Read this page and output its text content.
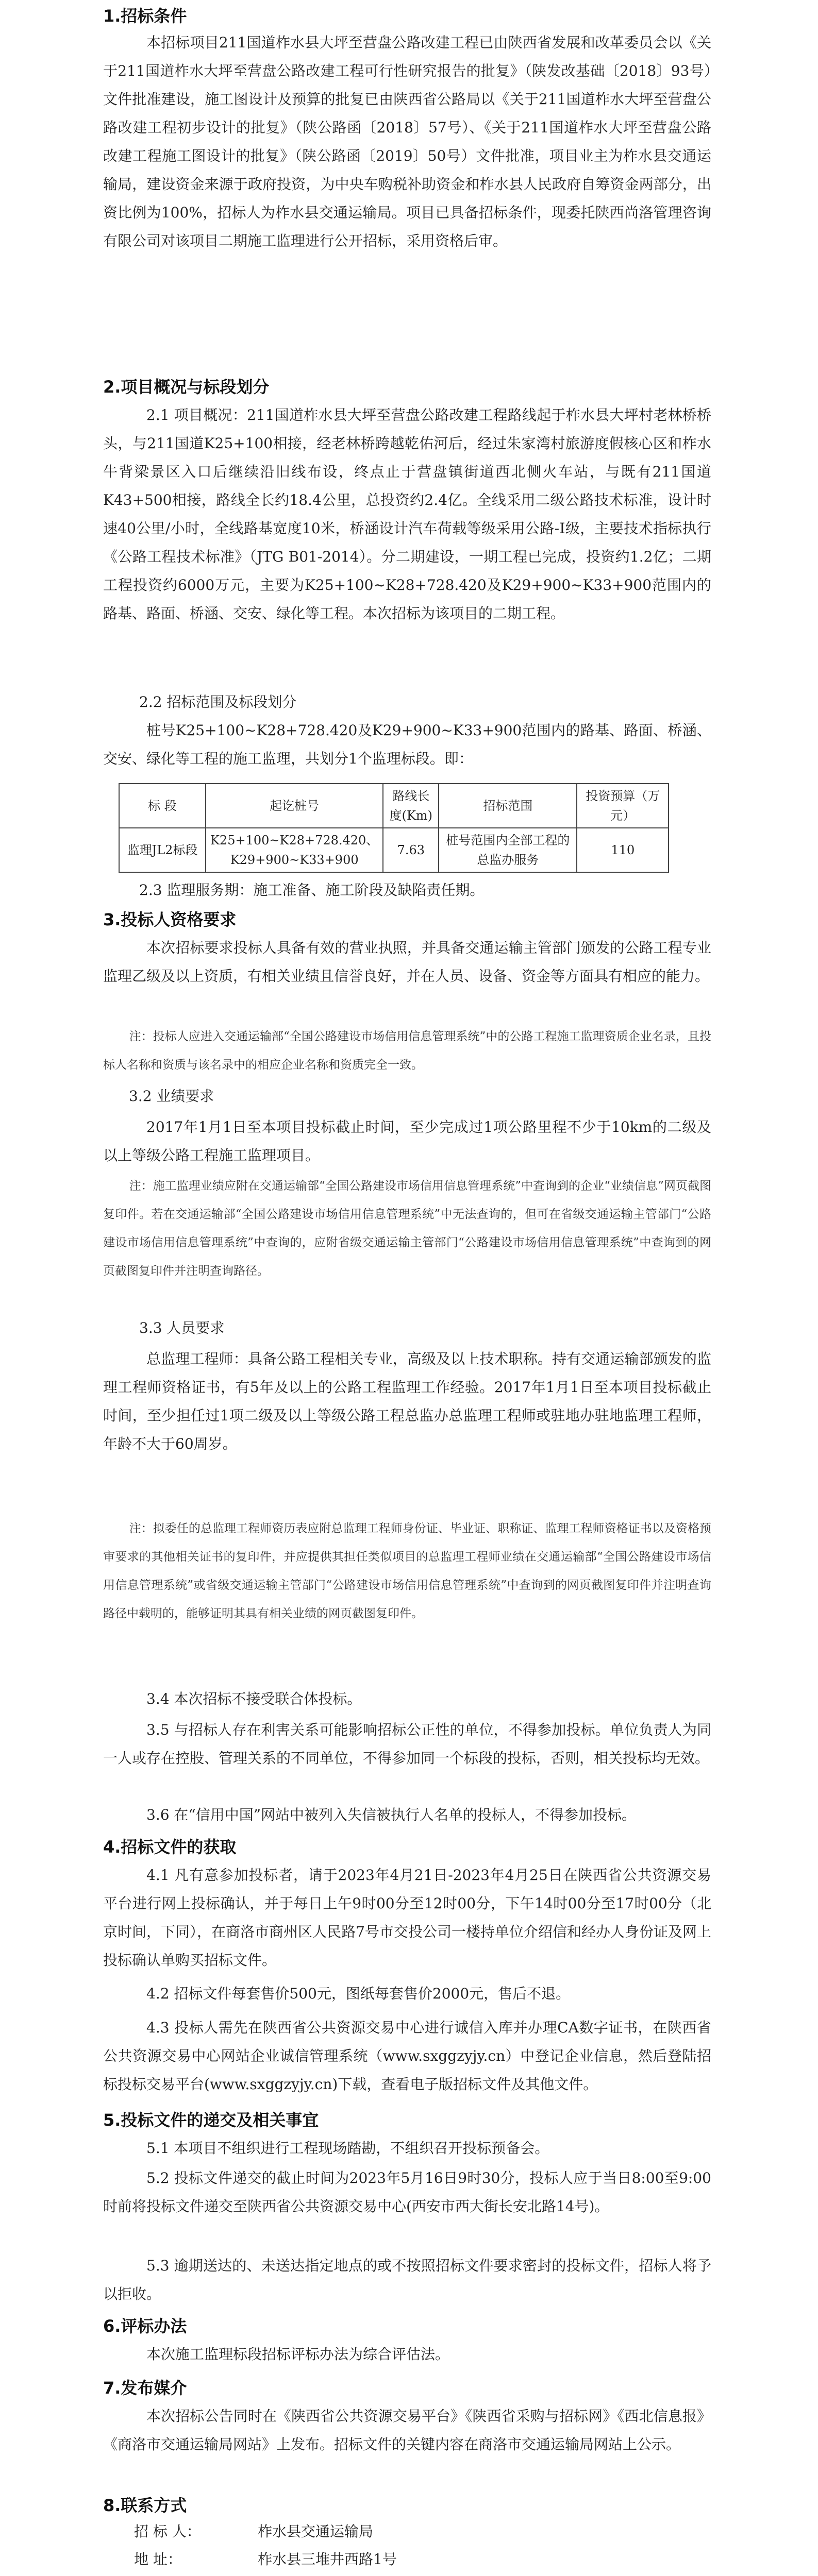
1.招标条件
本招标项目211国道柞水县大坪至营盘公路改建工程已由陕西省发展和改革委员会以《关于211国道柞水大坪至营盘公路改建工程可行性研究报告的批复》（陕发改基础〔2018〕93号）文件批准建设，施工图设计及预算的批复已由陕西省公路局以《关于211国道柞水大坪至营盘公路改建工程初步设计的批复》（陕公路函〔2018〕57号）、《关于211国道柞水大坪至营盘公路改建工程施工图设计的批复》（陕公路函〔2019〕50号）文件批准，项目业主为柞水县交通运输局，建设资金来源于政府投资，为中央车购税补助资金和柞水县人民政府自筹资金两部分，出资比例为100%，招标人为柞水县交通运输局。项目已具备招标条件，现委托陕西尚洛管理咨询有限公司对该项目二期施工监理进行公开招标，采用资格后审。
2.项目概况与标段划分
2.1 项目概况：211国道柞水县大坪至营盘公路改建工程路线起于柞水县大坪村老林桥桥头，与211国道K25+100相接，经老林桥跨越乾佑河后，经过朱家湾村旅游度假核心区和柞水牛背梁景区入口后继续沿旧线布设，终点止于营盘镇街道西北侧火车站，与既有211国道K43+500相接，路线全长约18.4公里，总投资约2.4亿。全线采用二级公路技术标准，设计时速40公里/小时，全线路基宽度10米，桥涵设计汽车荷载等级采用公路-Ⅰ级，主要技术指标执行《公路工程技术标准》（JTG B01-2014）。分二期建设，一期工程已完成，投资约1.2亿；二期工程投资约6000万元，主要为K25+100~K28+728.420及K29+900~K33+900范围内的路基、路面、桥涵、交安、绿化等工程。本次招标为该项目的二期工程。
2.2 招标范围及标段划分
桩号K25+100~K28+728.420及K29+900~K33+900范围内的路基、路面、桥涵、交安、绿化等工程的施工监理，共划分1个监理标段。即：
标 段	起讫桩号	路线长度(Km)	招标范围	投资预算（万元）
监理JL2标段	K25+100~K28+728.420、K29+900~K33+900	7.63	桩号范围内全部工程的总监办服务	110
2.3 监理服务期：施工准备、施工阶段及缺陷责任期。
3.投标人资格要求
本次招标要求投标人具备有效的营业执照，并具备交通运输主管部门颁发的公路工程专业监理乙级及以上资质，有相关业绩且信誉良好，并在人员、设备、资金等方面具有相应的能力。
注：投标人应进入交通运输部“全国公路建设市场信用信息管理系统”中的公路工程施工监理资质企业名录，且投标人名称和资质与该名录中的相应企业名称和资质完全一致。
3.2 业绩要求
2017年1月1日至本项目投标截止时间，至少完成过1项公路里程不少于10km的二级及以上等级公路工程施工监理项目。
注：施工监理业绩应附在交通运输部“全国公路建设市场信用信息管理系统”中查询到的企业“业绩信息”网页截图复印件。若在交通运输部“全国公路建设市场信用信息管理系统”中无法查询的，但可在省级交通运输主管部门“公路建设市场信用信息管理系统”中查询的，应附省级交通运输主管部门“公路建设市场信用信息管理系统”中查询到的网页截图复印件并注明查询路径。
3.3 人员要求
总监理工程师：具备公路工程相关专业，高级及以上技术职称。持有交通运输部颁发的监理工程师资格证书，有5年及以上的公路工程监理工作经验。2017年1月1日至本项目投标截止时间，至少担任过1项二级及以上等级公路工程总监办总监理工程师或驻地办驻地监理工程师，年龄不大于60周岁。
注：拟委任的总监理工程师资历表应附总监理工程师身份证、毕业证、职称证、监理工程师资格证书以及资格预审要求的其他相关证书的复印件，并应提供其担任类似项目的总监理工程师业绩在交通运输部“全国公路建设市场信用信息管理系统”或省级交通运输主管部门“公路建设市场信用信息管理系统”中查询到的网页截图复印件并注明查询路径中载明的，能够证明其具有相关业绩的网页截图复印件。
3.4 本次招标不接受联合体投标。
3.5 与招标人存在利害关系可能影响招标公正性的单位，不得参加投标。单位负责人为同一人或存在控股、管理关系的不同单位，不得参加同一个标段的投标，否则，相关投标均无效。
3.6 在“信用中国”网站中被列入失信被执行人名单的投标人，不得参加投标。
4.招标文件的获取
4.1 凡有意参加投标者，请于2023年4月21日-2023年4月25日在陕西省公共资源交易平台进行网上投标确认，并于每日上午9时00分至12时00分，下午14时00分至17时00分（北京时间，下同），在商洛市商州区人民路7号市交投公司一楼持单位介绍信和经办人身份证及网上投标确认单购买招标文件。
4.2 招标文件每套售价500元，图纸每套售价2000元，售后不退。
4.3 投标人需先在陕西省公共资源交易中心进行诚信入库并办理CA数字证书，在陕西省公共资源交易中心网站企业诚信管理系统（www.sxggzyjy.cn）中登记企业信息，然后登陆招标投标交易平台(www.sxggzyjy.cn)下载，查看电子版招标文件及其他文件。
5.投标文件的递交及相关事宜
5.1 本项目不组织进行工程现场踏勘，不组织召开投标预备会。
5.2 投标文件递交的截止时间为2023年5月16日9时30分，投标人应于当日8:00至9:00时前将投标文件递交至陕西省公共资源交易中心(西安市西大街长安北路14号)。
5.3 逾期送达的、未送达指定地点的或不按照招标文件要求密封的投标文件，招标人将予以拒收。
6.评标办法
本次施工监理标段招标评标办法为综合评估法。
7.发布媒介
本次招标公告同时在《陕西省公共资源交易平台》《陕西省采购与招标网》《西北信息报》《商洛市交通运输局网站》上发布。招标文件的关键内容在商洛市交通运输局网站上公示。
8.联系方式
招 标 人：	柞水县交通运输局
地 址：	柞水县三堆井西路1号
